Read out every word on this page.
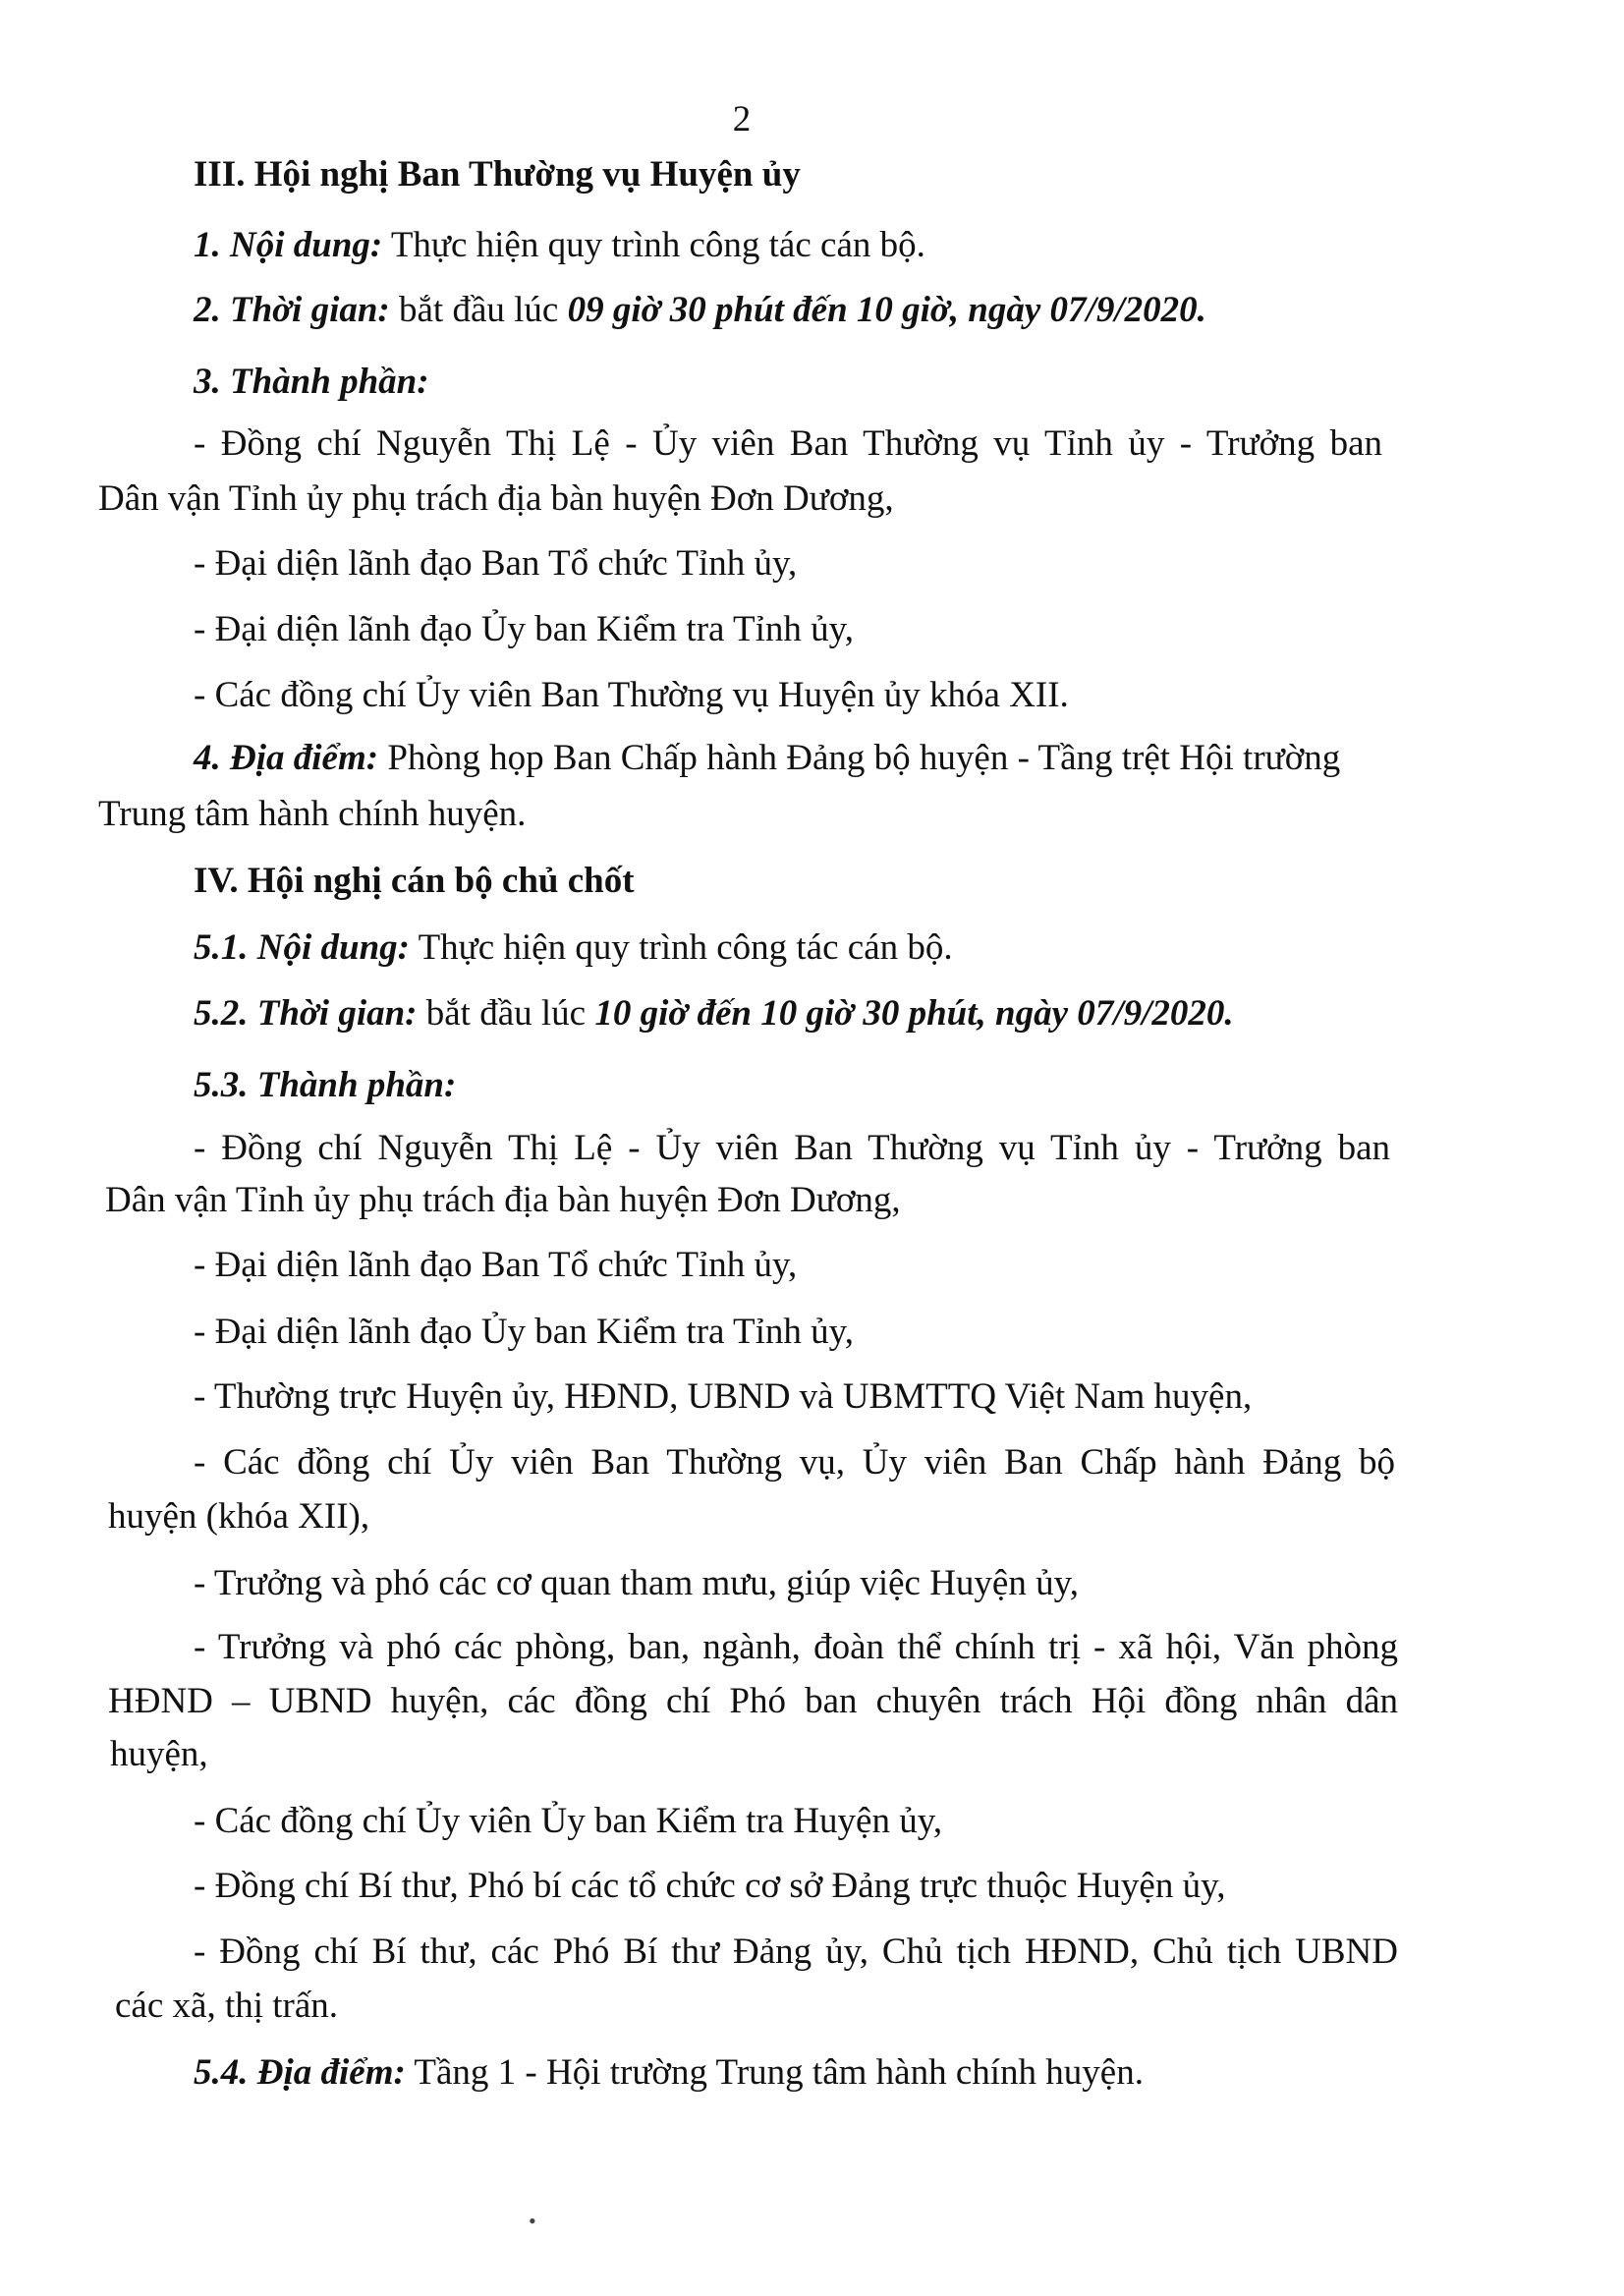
2
III. Hội nghị Ban Thường vụ Huyện ủy
1. Nội dung: Thực hiện quy trình công tác cán bộ.
2. Thời gian: bắt đầu lúc 09 giờ 30 phút đến 10 giờ, ngày 07/9/2020.
3. Thành phần:
- Đồng chí Nguyễn Thị Lệ - Ủy viên Ban Thường vụ Tỉnh ủy - Trưởng ban
Dân vận Tỉnh ủy phụ trách địa bàn huyện Đơn Dương,
- Đại diện lãnh đạo Ban Tổ chức Tỉnh ủy,
- Đại diện lãnh đạo Ủy ban Kiểm tra Tỉnh ủy,
- Các đồng chí Ủy viên Ban Thường vụ Huyện ủy khóa XII.
4. Địa điểm: Phòng họp Ban Chấp hành Đảng bộ huyện - Tầng trệt Hội trường
Trung tâm hành chính huyện.
IV. Hội nghị cán bộ chủ chốt
5.1. Nội dung: Thực hiện quy trình công tác cán bộ.
5.2. Thời gian: bắt đầu lúc 10 giờ đến 10 giờ 30 phút, ngày 07/9/2020.
5.3. Thành phần:
- Đồng chí Nguyễn Thị Lệ - Ủy viên Ban Thường vụ Tỉnh ủy - Trưởng ban
Dân vận Tỉnh ủy phụ trách địa bàn huyện Đơn Dương,
- Đại diện lãnh đạo Ban Tổ chức Tỉnh ủy,
- Đại diện lãnh đạo Ủy ban Kiểm tra Tỉnh ủy,
- Thường trực Huyện ủy, HĐND, UBND và UBMTTQ Việt Nam huyện,
- Các đồng chí Ủy viên Ban Thường vụ, Ủy viên Ban Chấp hành Đảng bộ
huyện (khóa XII),
- Trưởng và phó các cơ quan tham mưu, giúp việc Huyện ủy,
- Trưởng và phó các phòng, ban, ngành, đoàn thể chính trị - xã hội, Văn phòng
HĐND – UBND huyện, các đồng chí Phó ban chuyên trách Hội đồng nhân dân
huyện,
- Các đồng chí Ủy viên Ủy ban Kiểm tra Huyện ủy,
- Đồng chí Bí thư, Phó bí các tổ chức cơ sở Đảng trực thuộc Huyện ủy,
- Đồng chí Bí thư, các Phó Bí thư Đảng ủy, Chủ tịch HĐND, Chủ tịch UBND
các xã, thị trấn.
5.4. Địa điểm: Tầng 1 - Hội trường Trung tâm hành chính huyện.
•
